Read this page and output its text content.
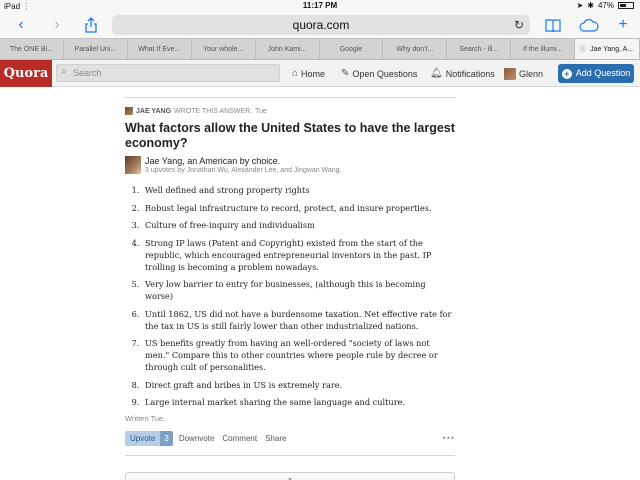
iPad ︙	11:17 PM	➤ ✱ 47%
‹	›	quora.com	↻	+
The ONE Bi...	Parallel Uni...	What If Eve...	Your whole...	John Kami...	Google	Why don't...	Search - ill...	If the illumi...	ⓧ Jae Yang, A...
Quora	⌕
Search	⌂ Home ✎ Open Questions 🔔︎ Notifications	Glenn + Add Question
JAE YANG WROTE THIS ANSWER. Tue
What factors allow the United States to have the largest economy?
Jae Yang, an American by choice.
3 upvotes by Jonathan Wu, Alexander Lee, and Jingwan Wang.
1. Well defined and strong property rights
2. Robust legal infrastructure to record, protect, and insure properties.
3. Culture of free-inquiry and individualism
4. Strong IP laws (Patent and Copyright) existed from the start of the republic, which encouraged entrepreneurial inventors in the past. IP trolling is becoming a problem nowadays.
5. Very low barrier to entry for businesses, (although this is becoming worse)
6. Until 1862, US did not have a burdensome taxation. Net effective rate for the tax in US is still fairly lower than other industrialized nations.
7. US benefits greatly from having an well-ordered "society of laws not men." Compare this to other countries where people rule by decree or through cult of personalities.
8. Direct graft and bribes in US is extremely rare.
9. Large internal market sharing the same language and culture.
Written Tue.
Upvote	3	Downvote Comment Share	•••
⌄
